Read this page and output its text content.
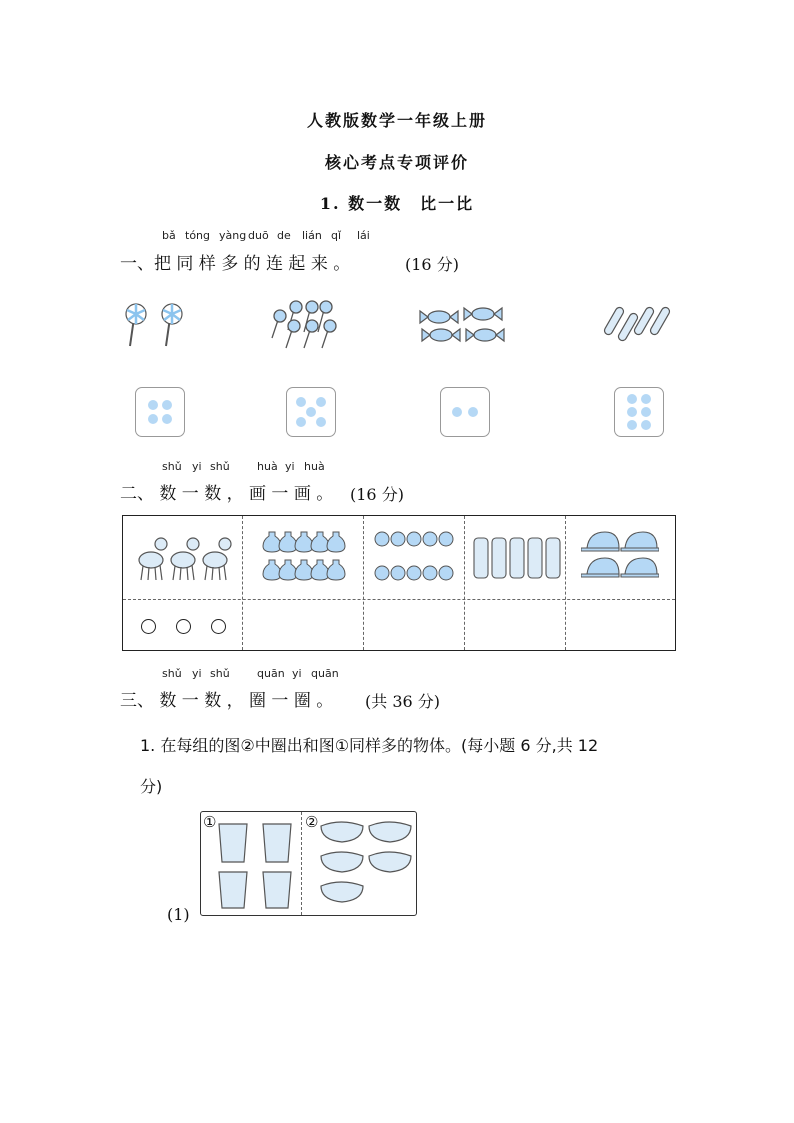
人教版数学一年级上册
核心考点专项评价
1. 数一数　比一比
bǎ tóng yàng duō de lián qǐ lái
一、把 同 样 多 的 连 起 来 。	(16 分)
shǔ yi shǔ huà yi huà
二、 数 一 数 ， 画 一 画 。 (16 分)
shǔ yi shǔ quān yi quān
三、 数 一 数 ， 圈 一 圈 。 (共 36 分)
1. 在每组的图②中圈出和图①同样多的物体。(每小题 6 分,共 12
分)
①	②
(1)
